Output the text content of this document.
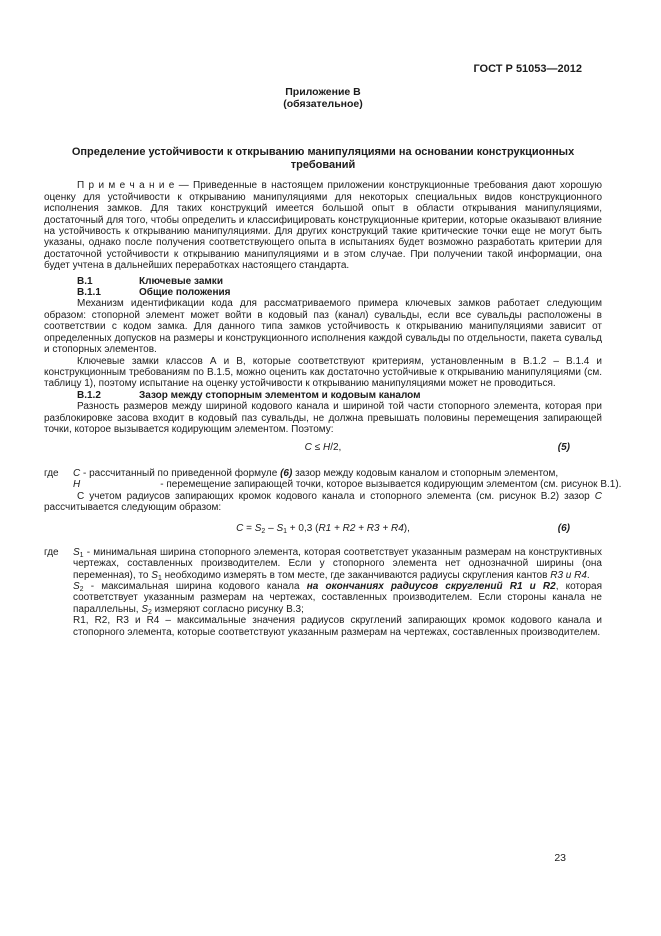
ГОСТ Р 51053—2012
Приложение В
(обязательное)
Определение устойчивости к открыванию манипуляциями на основании конструкционных требований

П р и м е ч а н и е — Приведенные в настоящем приложении конструкционные требования дают хорошую оценку для устойчивости к открыванию манипуляциями для некоторых специальных видов конструкционного исполнения замков. Для таких конструкций имеется большой опыт в области открывания манипуляциями, достаточный для того, чтобы определить и классифицировать конструкционные критерии, которые оказывают влияние на устойчивость к открыванию манипуляциями. Для других конструкций такие критические точки еще не могут быть указаны, однако после получения соответствующего опыта в испытаниях будет возможно разработать критерии для достаточной устойчивости к открыванию манипуляциями и в этом случае. При получении такой информации, она будет учтена в дальнейших переработках настоящего стандарта.

В.1	Ключевые замки

В.1.1	Общие положения

Механизм идентификации кода для рассматриваемого примера ключевых замков работает следующим образом: стопорной элемент может войти в кодовый паз (канал) сувальды, если все сувальды расположены в соответствии с кодом замка. Для данного типа замков устойчивость к открыванию манипуляциями зависит от определенных допусков на размеры и конструкционного исполнения каждой сувальды по отдельности, пакета сувальд и стопорных элементов.

Ключевые замки классов А и В, которые соответствуют критериям, установленным в В.1.2 – В.1.4 и конструкционным требованиям по В.1.5, можно оценить как достаточно устойчивые к открыванию манипуляциями (см. таблицу 1), поэтому испытание на оценку устойчивости к открыванию манипуляциями может не проводиться.

В.1.2	Зазор между стопорным элементом и кодовым каналом

Разность размеров между шириной кодового канала и шириной той части стопорного элемента, которая при разблокировке засова входит в кодовый паз сувальды, не должна превышать половины перемещения запирающей точки, которое вызывается кодирующим элементом. Поэтому:

C ≤ H/2,	(5)
где C - рассчитанный по приведенной формуле (6) зазор между кодовым каналом и стопорным элементом,

H	- перемещение запирающей точки, которое вызывается кодирующим элементом (см. рисунок В.1).

С учетом радиусов запирающих кромок кодового канала и стопорного элемента (см. рисунок В.2) зазор C рассчитывается следующим образом:

$C = S_2 - S_1 + 0,3$ (R1 + R2 + R3 + R4),	(6)
где $S_1$ - минимальная ширина стопорного элемента, которая соответствует указанным размерам на конструктивных чертежах, составленных производителем. Если у стопорного элемента нет однозначной ширины (она переменная), то $S_1$ необходимо измерять в том месте, где заканчиваются радиусы скругления кантов R3 и R4.

$S_2$ - максимальная ширина кодового канала на окончаниях радиусов скруглений R1 и R2, которая соответствует указанным размерам на чертежах, составленных производителем. Если стороны канала не параллельны, $S_2$ измеряют согласно рисунку В.3;

R1, R2, R3 и R4 – максимальные значения радиусов скруглений запирающих кромок кодового канала и стопорного элемента, которые соответствуют указанным размерам на чертежах, составленных производителем.

23
